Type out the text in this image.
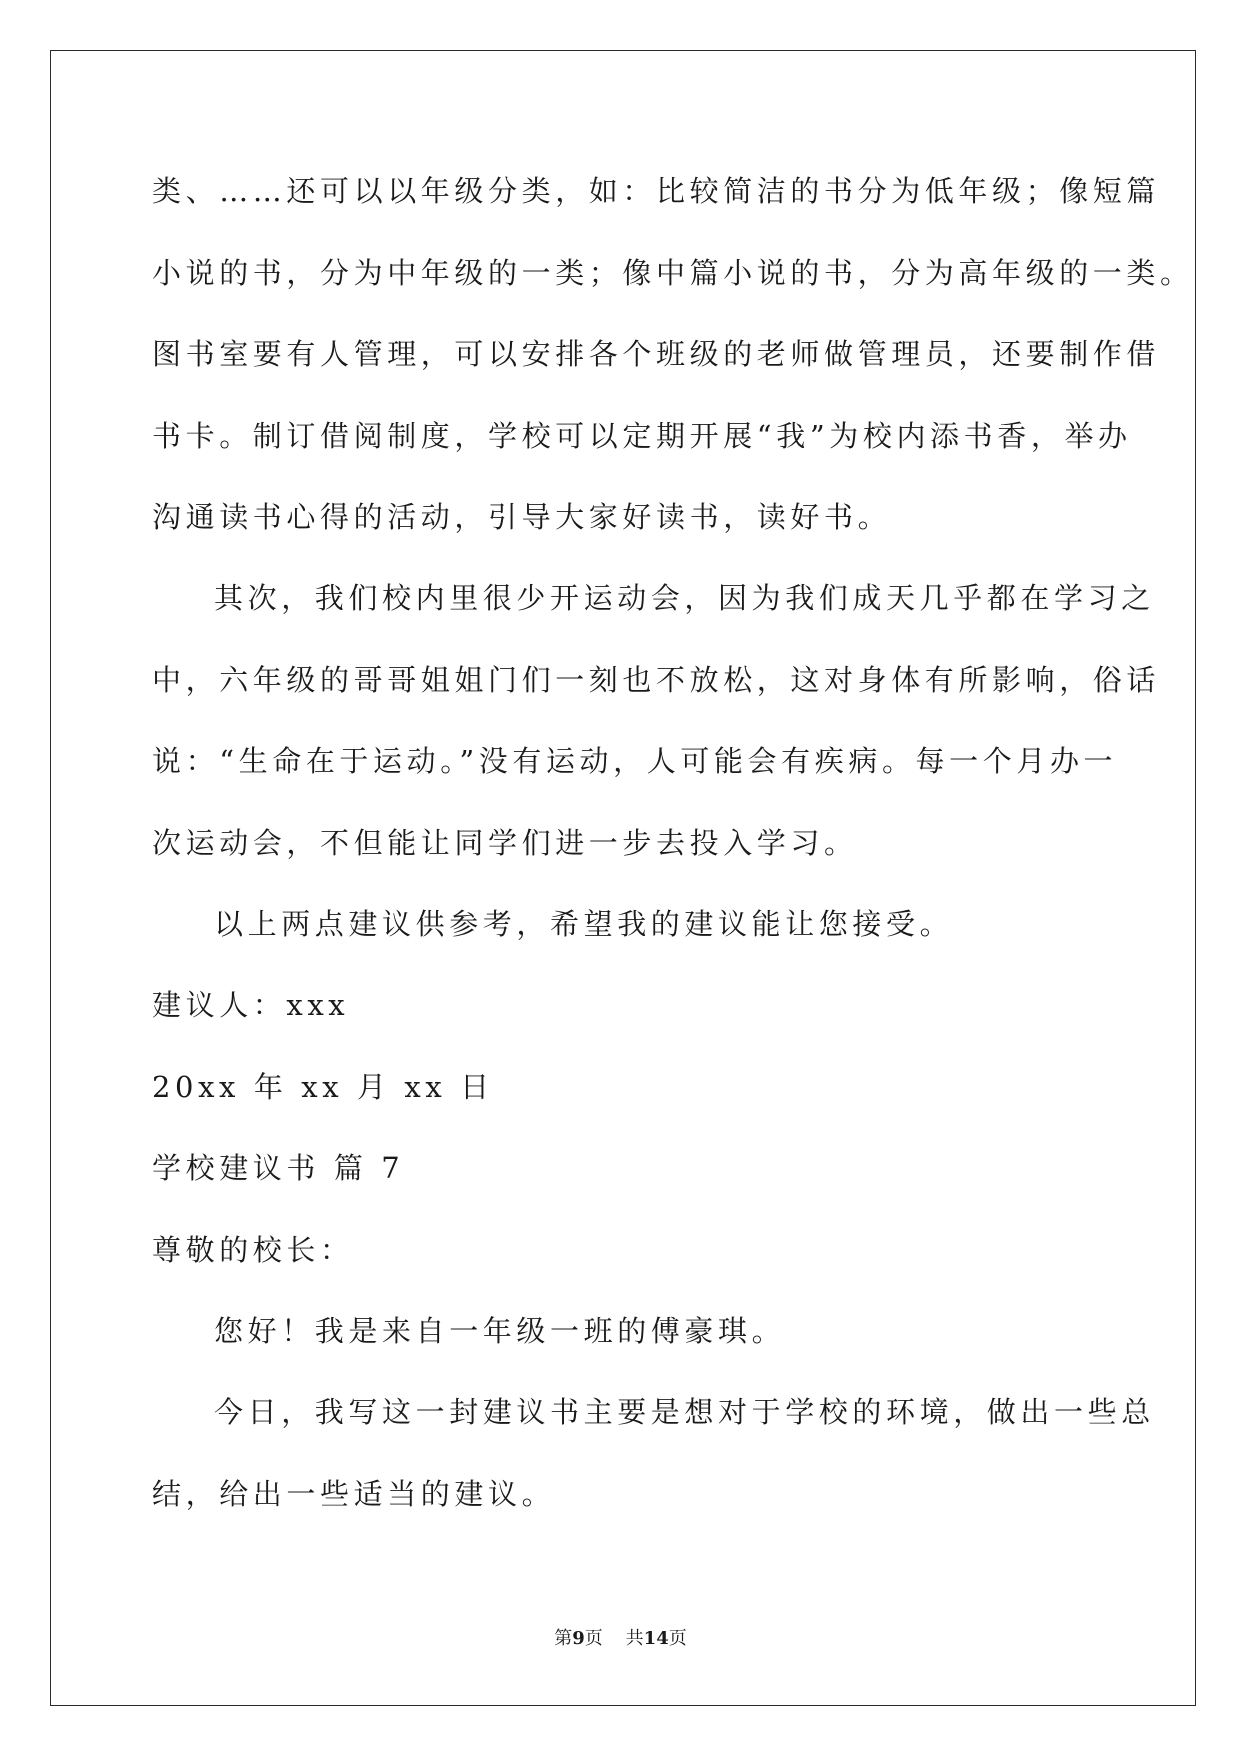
类、……还可以以年级分类，如：比较简洁的书分为低年级；像短篇
小说的书，分为中年级的一类；像中篇小说的书，分为高年级的一类。
图书室要有人管理，可以安排各个班级的老师做管理员，还要制作借
书卡。制订借阅制度，学校可以定期开展“我”为校内添书香，举办
沟通读书心得的活动，引导大家好读书，读好书。
其次，我们校内里很少开运动会，因为我们成天几乎都在学习之
中，六年级的哥哥姐姐门们一刻也不放松，这对身体有所影响，俗话
说：“生命在于运动。”没有运动，人可能会有疾病。每一个月办一
次运动会，不但能让同学们进一步去投入学习。
以上两点建议供参考，希望我的建议能让您接受。
建议人：xxx
20xx 年 xx 月 xx 日
学校建议书 篇 7
尊敬的校长：
您好！我是来自一年级一班的傅豪琪。
今日，我写这一封建议书主要是想对于学校的环境，做出一些总
结，给出一些适当的建议。
第9页 共14页
